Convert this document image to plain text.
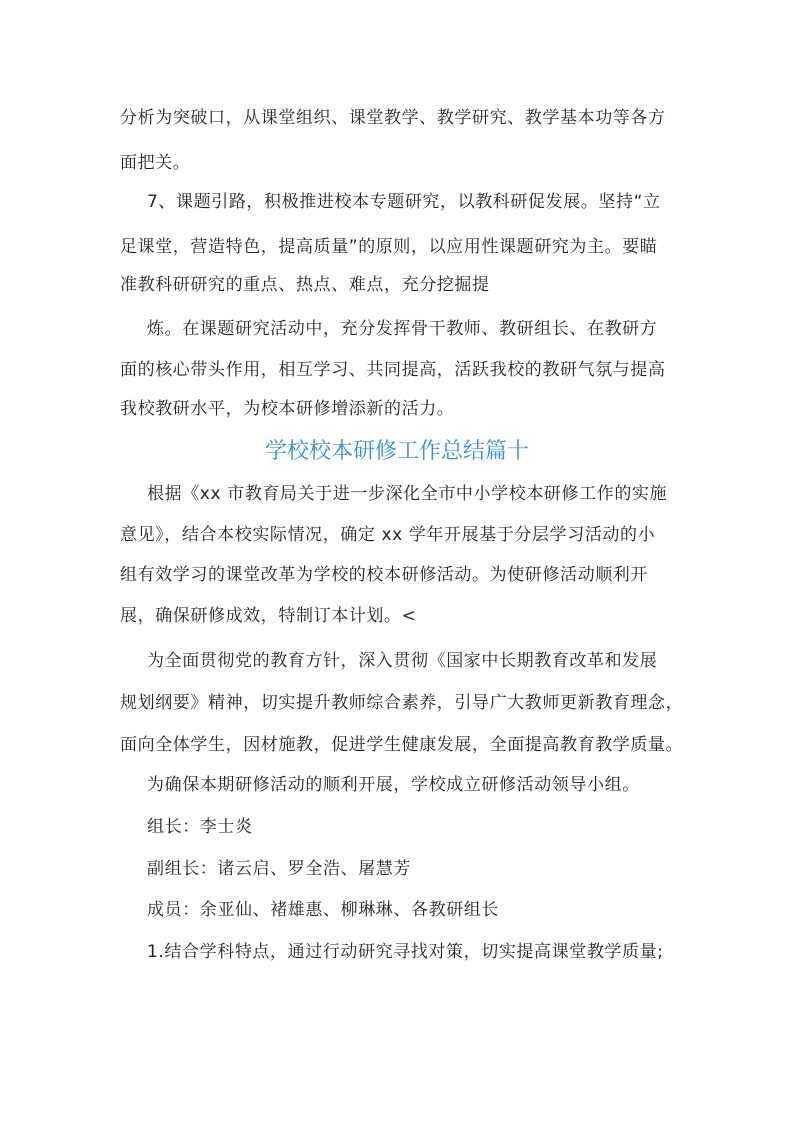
分析为突破口，从课堂组织、课堂教学、教学研究、教学基本功等各方
面把关。
7、课题引路，积极推进校本专题研究，以教科研促发展。坚持“立
足课堂，营造特色，提高质量”的原则，以应用性课题研究为主。要瞄
准教科研研究的重点、热点、难点，充分挖掘提
炼。在课题研究活动中，充分发挥骨干教师、教研组长、在教研方
面的核心带头作用，相互学习、共同提高，活跃我校的教研气氛与提高
我校教研水平，为校本研修增添新的活力。
学校校本研修工作总结篇十
根据《xx 市教育局关于进一步深化全市中小学校本研修工作的实施
意见》，结合本校实际情况，确定 xx 学年开展基于分层学习活动的小
组有效学习的课堂改革为学校的校本研修活动。为使研修活动顺利开
展，确保研修成效，特制订本计划。<
为全面贯彻党的教育方针，深入贯彻《国家中长期教育改革和发展
规划纲要》精神，切实提升教师综合素养，引导广大教师更新教育理念，
面向全体学生，因材施教，促进学生健康发展，全面提高教育教学质量。
为确保本期研修活动的顺利开展，学校成立研修活动领导小组。
组长：李士炎
副组长：诸云启、罗全浩、屠慧芳
成员：余亚仙、褚雄惠、柳琳琳、各教研组长
1.结合学科特点，通过行动研究寻找对策，切实提高课堂教学质量;
